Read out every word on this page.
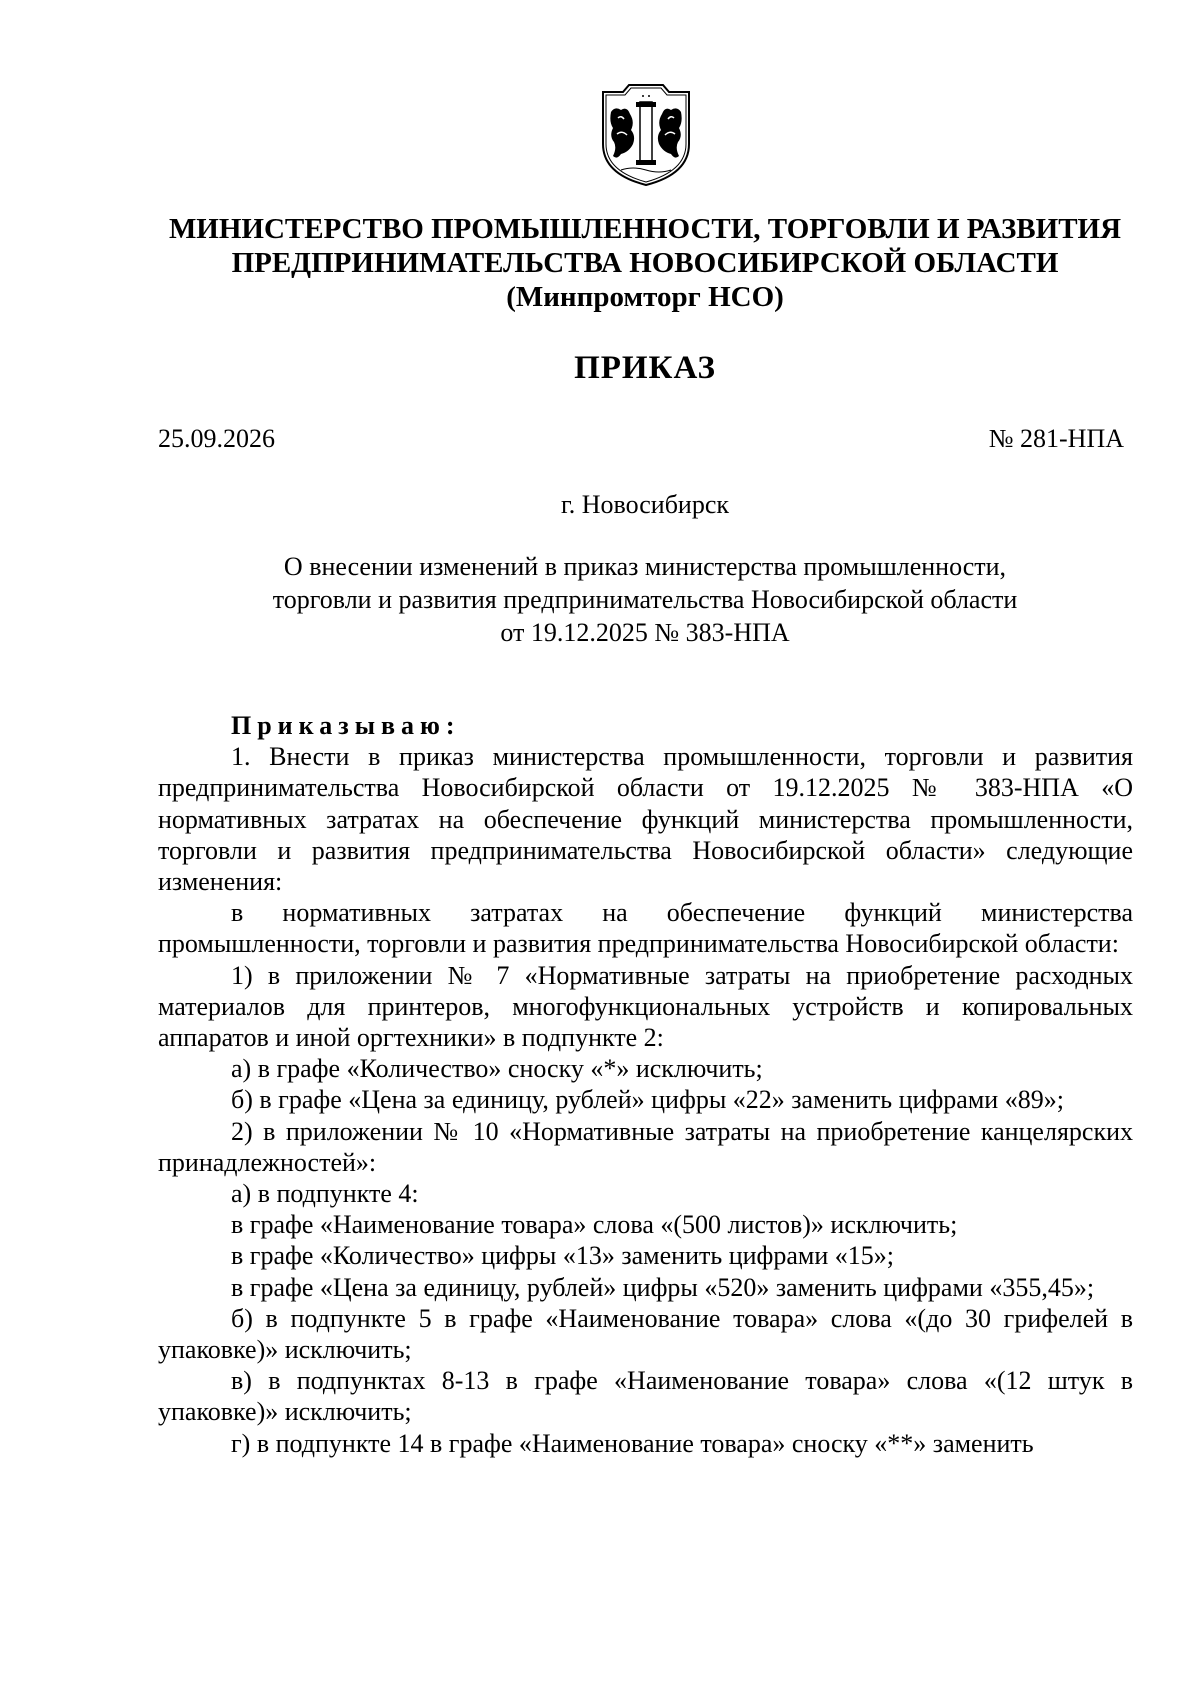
МИНИСТЕРСТВО ПРОМЫШЛЕННОСТИ, ТОРГОВЛИ И РАЗВИТИЯ
ПРЕДПРИНИМАТЕЛЬСТВА НОВОСИБИРСКОЙ ОБЛАСТИ
(Минпромторг НСО)
ПРИКАЗ
25.09.2026	№ 281-НПА
г. Новосибирск
О внесении изменений в приказ министерства промышленности,
торговли и развития предпринимательства Новосибирской области
от 19.12.2025 № 383-НПА

Приказываю:

1. Внести в приказ министерства промышленности, торговли и развития предпринимательства Новосибирской области от 19.12.2025 № 383-НПА «О нормативных затратах на обеспечение функций министерства промышленности, торговли и развития предпринимательства Новосибирской области» следующие изменения:

в нормативных затратах на обеспечение функций министерства промышленности, торговли и развития предпринимательства Новосибирской области:

1) в приложении № 7 «Нормативные затраты на приобретение расходных материалов для принтеров, многофункциональных устройств и копировальных аппаратов и иной оргтехники» в подпункте 2:

а) в графе «Количество» сноску «*» исключить;

б) в графе «Цена за единицу, рублей» цифры «22» заменить цифрами «89»;

2) в приложении № 10 «Нормативные затраты на приобретение канцелярских принадлежностей»:

а) в подпункте 4:

в графе «Наименование товара» слова «(500 листов)» исключить;

в графе «Количество» цифры «13» заменить цифрами «15»;

в графе «Цена за единицу, рублей» цифры «520» заменить цифрами «355,45»;

б) в подпункте 5 в графе «Наименование товара» слова «(до 30 грифелей в упаковке)» исключить;

в) в подпунктах 8-13 в графе «Наименование товара» слова «(12 штук в упаковке)» исключить;

г) в подпункте 14 в графе «Наименование товара» сноску «**» заменить
